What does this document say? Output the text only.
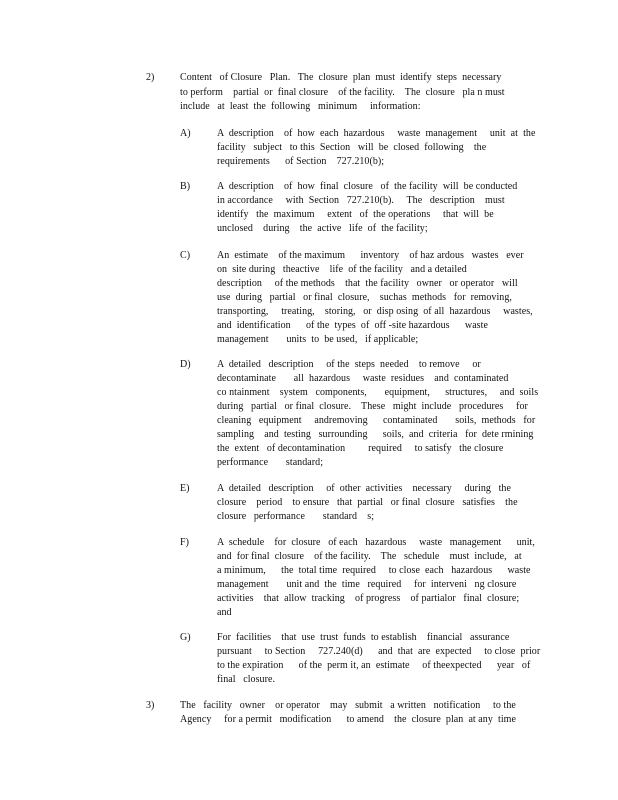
2)	Content   of Closure   Plan.   The  closure  plan  must  identify  steps  necessary
to perform    partial  or  final closure    of the facility.    The  closure   pla n must
include   at  least  the  following   minimum     information:
A)	A  description    of  how  each  hazardous     waste  management     unit  at  the
facility   subject   to this  Section   will  be  closed  following    the
requirements      of Section    727.210(b);
B)	A  description    of  how  final  closure   of  the facility  will  be conducted
in accordance     with  Section   727.210(b).     The   description    must
identify   the  maximum     extent   of  the operations     that  will  be
unclosed    during    the  active   life  of  the facility;
C)	An  estimate    of the maximum      inventory    of haz ardous   wastes   ever
on  site during   theactive    life  of the facility   and a detailed
description     of the methods    that  the facility   owner   or operator   will
use  during   partial   or final  closure,    suchas  methods   for  removing,
transporting,     treating,    storing,   or  disp osing  of all  hazardous     wastes,
and  identification      of the  types  of  off -site hazardous      waste
management       units  to  be used,   if applicable;
D)	A  detailed   description     of the  steps  needed    to remove     or
decontaminate       all  hazardous     waste  residues    and  contaminated
co ntainment    system   components,       equipment,      structures,     and  soils
during   partial   or final  closure.    These   might  include   procedures     for
cleaning   equipment     andremoving      contaminated       soils,  methods   for
sampling    and  testing   surrounding      soils,  and  criteria   for  dete rmining
the  extent   of decontamination         required     to satisfy   the closure
performance       standard;
E)	A  detailed   description     of  other  activities    necessary     during   the
closure    period    to ensure   that  partial   or final  closure   satisfies    the
closure   performance       standard    s;
F)	A  schedule    for  closure   of each   hazardous     waste   management      unit,
and  for final  closure    of the facility.    The   schedule    must  include,   at
a minimum,      the  total time  required     to close  each   hazardous      waste
management       unit and  the  time   required     for  interveni   ng closure
activities    that  allow  tracking    of progress    of partialor   final  closure;
and
G)	For  facilities    that  use  trust  funds  to establish    financial   assurance
pursuant     to Section     727.240(d)      and  that  are  expected     to close  prior
to the expiration      of the  perm it, an  estimate     of theexpected      year   of
final   closure.
3)	The   facility   owner    or operator    may   submit   a written   notification     to the
Agency     for a permit   modification      to amend    the  closure  plan  at any  time
